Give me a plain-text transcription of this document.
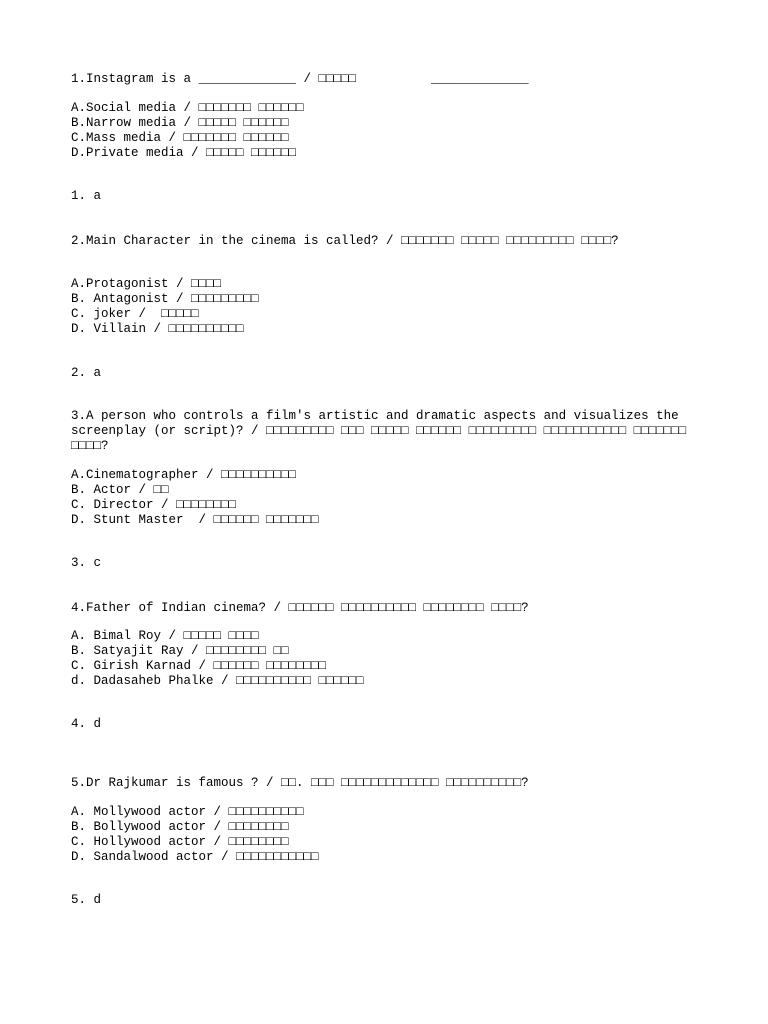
1.Instagram is a _____________ / □□□□□          _____________
A.Social media / □□□□□□□ □□□□□□
B.Narrow media / □□□□□ □□□□□□
C.Mass media / □□□□□□□ □□□□□□
D.Private media / □□□□□ □□□□□□
1. a
2.Main Character in the cinema is called? / □□□□□□□ □□□□□ □□□□□□□□□ □□□□?
A.Protagonist / □□□□
B. Antagonist / □□□□□□□□□
C. joker /  □□□□□
D. Villain / □□□□□□□□□□
2. a
3.A person who controls a film's artistic and dramatic aspects and visualizes the screenplay (or script)? / □□□□□□□□□ □□□ □□□□□ □□□□□□ □□□□□□□□□ □□□□□□□□□□□ □□□□□□□ □□□□?
A.Cinematographer / □□□□□□□□□□
B. Actor / □□
C. Director / □□□□□□□□
D. Stunt Master  / □□□□□□ □□□□□□□
3. c
4.Father of Indian cinema? / □□□□□□ □□□□□□□□□□ □□□□□□□□ □□□□?
A. Bimal Roy / □□□□□ □□□□
B. Satyajit Ray / □□□□□□□□ □□
C. Girish Karnad / □□□□□□ □□□□□□□□
d. Dadasaheb Phalke / □□□□□□□□□□ □□□□□□
4. d
5.Dr Rajkumar is famous ? / □□. □□□ □□□□□□□□□□□□□ □□□□□□□□□□?
A. Mollywood actor / □□□□□□□□□□
B. Bollywood actor / □□□□□□□□
C. Hollywood actor / □□□□□□□□
D. Sandalwood actor / □□□□□□□□□□□
5. d
